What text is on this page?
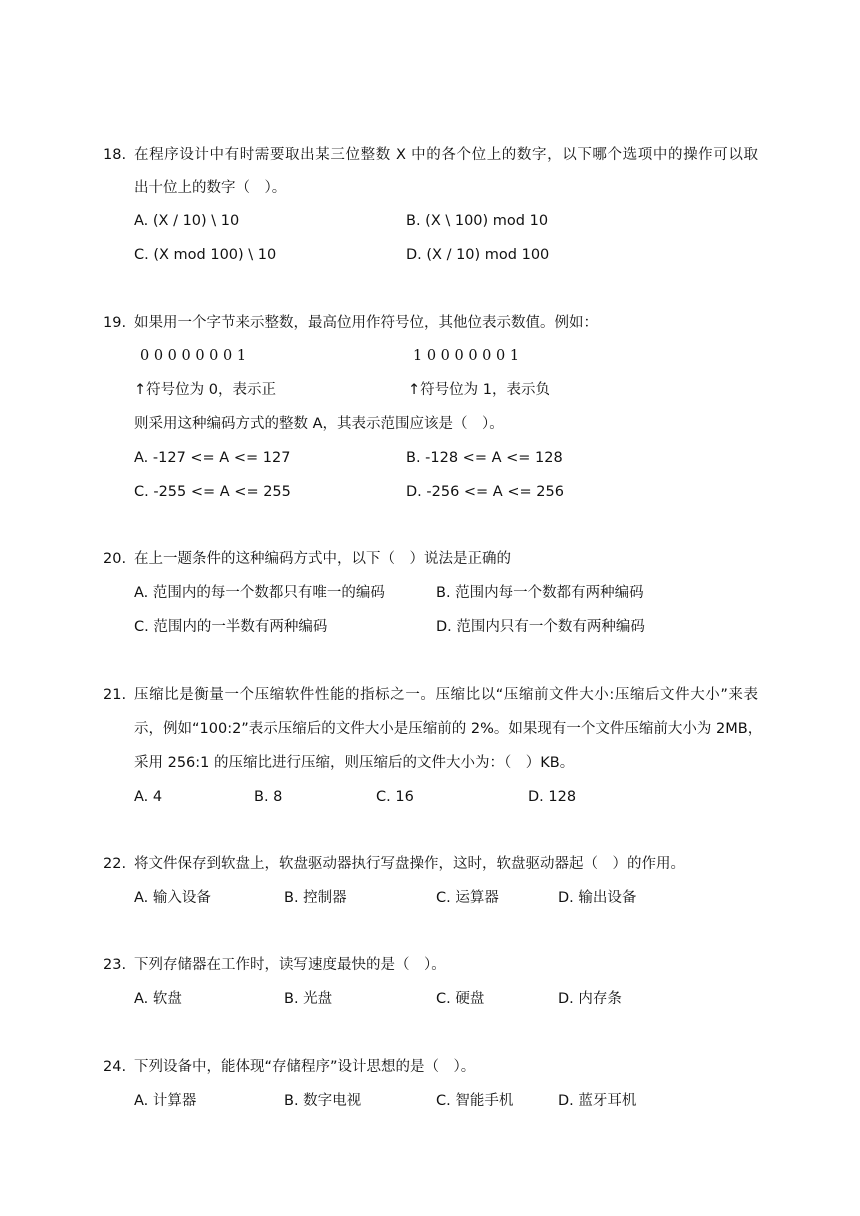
18. 在程序设计中有时需要取出某三位整数 X 中的各个位上的数字，以下哪个选项中的操作可以取
出十位上的数字（　）。
A. (X / 10) \ 10	B. (X \ 100) mod 10
C. (X mod 100) \ 10	D. (X / 10) mod 100
19. 如果用一个字节来示整数，最高位用作符号位，其他位表示数值。例如：
0 0 0 0 0 0 0 1	1 0 0 0 0 0 0 1
↑符号位为 0，表示正	↑符号位为 1，表示负
则采用这种编码方式的整数 A，其表示范围应该是（　）。
A. -127 <= A <= 127	B. -128 <= A <= 128
C. -255 <= A <= 255	D. -256 <= A <= 256
20. 在上一题条件的这种编码方式中，以下（　）说法是正确的
A. 范围内的每一个数都只有唯一的编码	B. 范围内每一个数都有两种编码
C. 范围内的一半数有两种编码	D. 范围内只有一个数有两种编码
21. 压缩比是衡量一个压缩软件性能的指标之一。压缩比以“压缩前文件大小:压缩后文件大小”来表
示，例如“100:2”表示压缩后的文件大小是压缩前的 2%。如果现有一个文件压缩前大小为 2MB，
采用 256:1 的压缩比进行压缩，则压缩后的文件大小为：（　）KB。
A. 4	B. 8	C. 16	D. 128
22. 将文件保存到软盘上，软盘驱动器执行写盘操作，这时，软盘驱动器起（　）的作用。
A. 输入设备	B. 控制器	C. 运算器	D. 输出设备
23. 下列存储器在工作时，读写速度最快的是（　）。
A. 软盘	B. 光盘	C. 硬盘	D. 内存条
24. 下列设备中，能体现“存储程序”设计思想的是（　）。
A. 计算器	B. 数字电视	C. 智能手机	D. 蓝牙耳机
